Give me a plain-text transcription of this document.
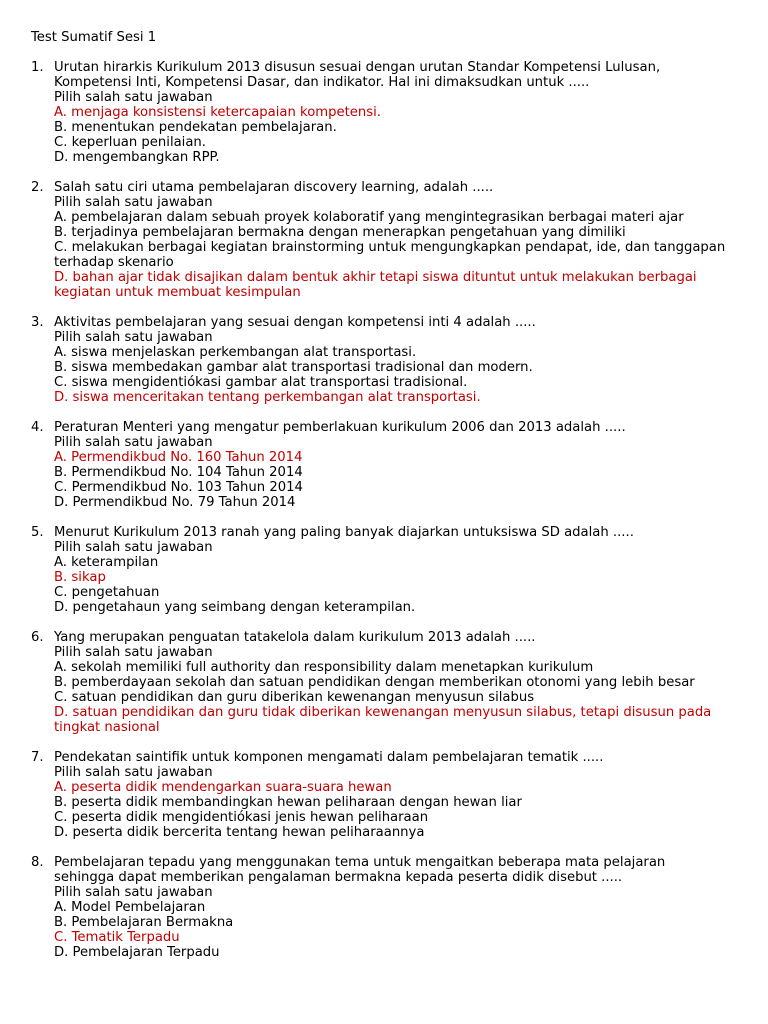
Test Sumatif Sesi 1
1. Urutan hirarkis Kurikulum 2013 disusun sesuai dengan urutan Standar Kompetensi Lulusan,
Kompetensi Inti, Kompetensi Dasar, dan indikator. Hal ini dimaksudkan untuk .....
Pilih salah satu jawaban
A. menjaga konsistensi ketercapaian kompetensi.
B. menentukan pendekatan pembelajaran.
C. keperluan penilaian.
D. mengembangkan RPP.
2. Salah satu ciri utama pembelajaran discovery learning, adalah .....
Pilih salah satu jawaban
A. pembelajaran dalam sebuah proyek kolaboratif yang mengintegrasikan berbagai materi ajar
B. terjadinya pembelajaran bermakna dengan menerapkan pengetahuan yang dimiliki
C. melakukan berbagai kegiatan brainstorming untuk mengungkapkan pendapat, ide, dan tanggapan terhadap skenario
D. bahan ajar tidak disajikan dalam bentuk akhir tetapi siswa dituntut untuk melakukan berbagai kegiatan untuk membuat kesimpulan
3. Aktivitas pembelajaran yang sesuai dengan kompetensi inti 4 adalah .....
Pilih salah satu jawaban
A. siswa menjelaskan perkembangan alat transportasi.
B. siswa membedakan gambar alat transportasi tradisional dan modern.
C. siswa mengidentiókasi gambar alat transportasi tradisional.
D. siswa menceritakan tentang perkembangan alat transportasi.
4. Peraturan Menteri yang mengatur pemberlakuan kurikulum 2006 dan 2013 adalah .....
Pilih salah satu jawaban
A. Permendikbud No. 160 Tahun 2014
B. Permendikbud No. 104 Tahun 2014
C. Permendikbud No. 103 Tahun 2014
D. Permendikbud No. 79 Tahun 2014
5. Menurut Kurikulum 2013 ranah yang paling banyak diajarkan untuksiswa SD adalah .....
Pilih salah satu jawaban
A. keterampilan
B. sikap
C. pengetahuan
D. pengetahaun yang seimbang dengan keterampilan.
6. Yang merupakan penguatan tatakelola dalam kurikulum 2013 adalah .....
Pilih salah satu jawaban
A. sekolah memiliki full authority dan responsibility dalam menetapkan kurikulum
B. pemberdayaan sekolah dan satuan pendidikan dengan memberikan otonomi yang lebih besar
C. satuan pendidikan dan guru diberikan kewenangan menyusun silabus
D. satuan pendidikan dan guru tidak diberikan kewenangan menyusun silabus, tetapi disusun pada tingkat nasional
7. Pendekatan saintifik untuk komponen mengamati dalam pembelajaran tematik .....
Pilih salah satu jawaban
A. peserta didik mendengarkan suara-suara hewan
B. peserta didik membandingkan hewan peliharaan dengan hewan liar
C. peserta didik mengidentiókasi jenis hewan peliharaan
D. peserta didik bercerita tentang hewan peliharaannya
8. Pembelajaran tepadu yang menggunakan tema untuk mengaitkan beberapa mata pelajaran
sehingga dapat memberikan pengalaman bermakna kepada peserta didik disebut .....
Pilih salah satu jawaban
A. Model Pembelajaran
B. Pembelajaran Bermakna
C. Tematik Terpadu
D. Pembelajaran Terpadu
